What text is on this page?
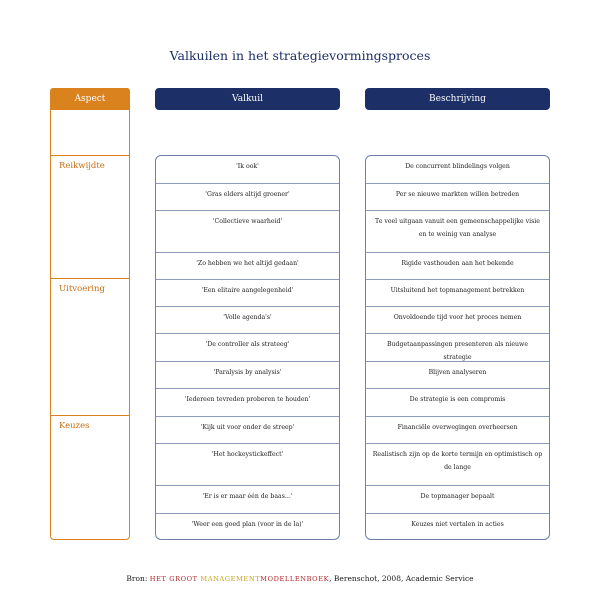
Valkuilen in het strategievormingsproces
Aspect	Valkuil	Beschrijving
Reikwijdte
Uitvoering
Keuzes
'Ik ook'
'Gras elders altijd groener'
'Collectieve waarheid'
'Zo hebben we het altijd gedaan'
'Een elitaire aangelegenheid'
'Volle agenda's'
'De controller als strateeg'
'Paralysis by analysis'
'Iedereen tevreden proberen te houden'
'Kijk uit voor onder de streep'
'Het hockeystickeffect'
'Er is er maar één de baas...'
'Weer een goed plan (voor in de la)'
De concurrent blindelings volgen
Per se nieuwe markten willen betreden
Te veel uitgaan vanuit een gemeenschappelijke visie en te weinig van analyse
Rigide vasthouden aan het bekende
Uitsluitend het topmanagement betrekken
Onvoldoende tijd voor het proces nemen
Budgetaanpassingen presenteren als nieuwe strategie
Blijven analyseren
De strategie is een compromis
Financiële overwegingen overheersen
Realistisch zijn op de korte termijn en optimistisch op de lange
De topmanager bepaalt
Keuzes niet vertalen in acties
Bron: HET GROOT MANAGEMENTMODELLENBOEK, Berenschot, 2008, Academic Service
